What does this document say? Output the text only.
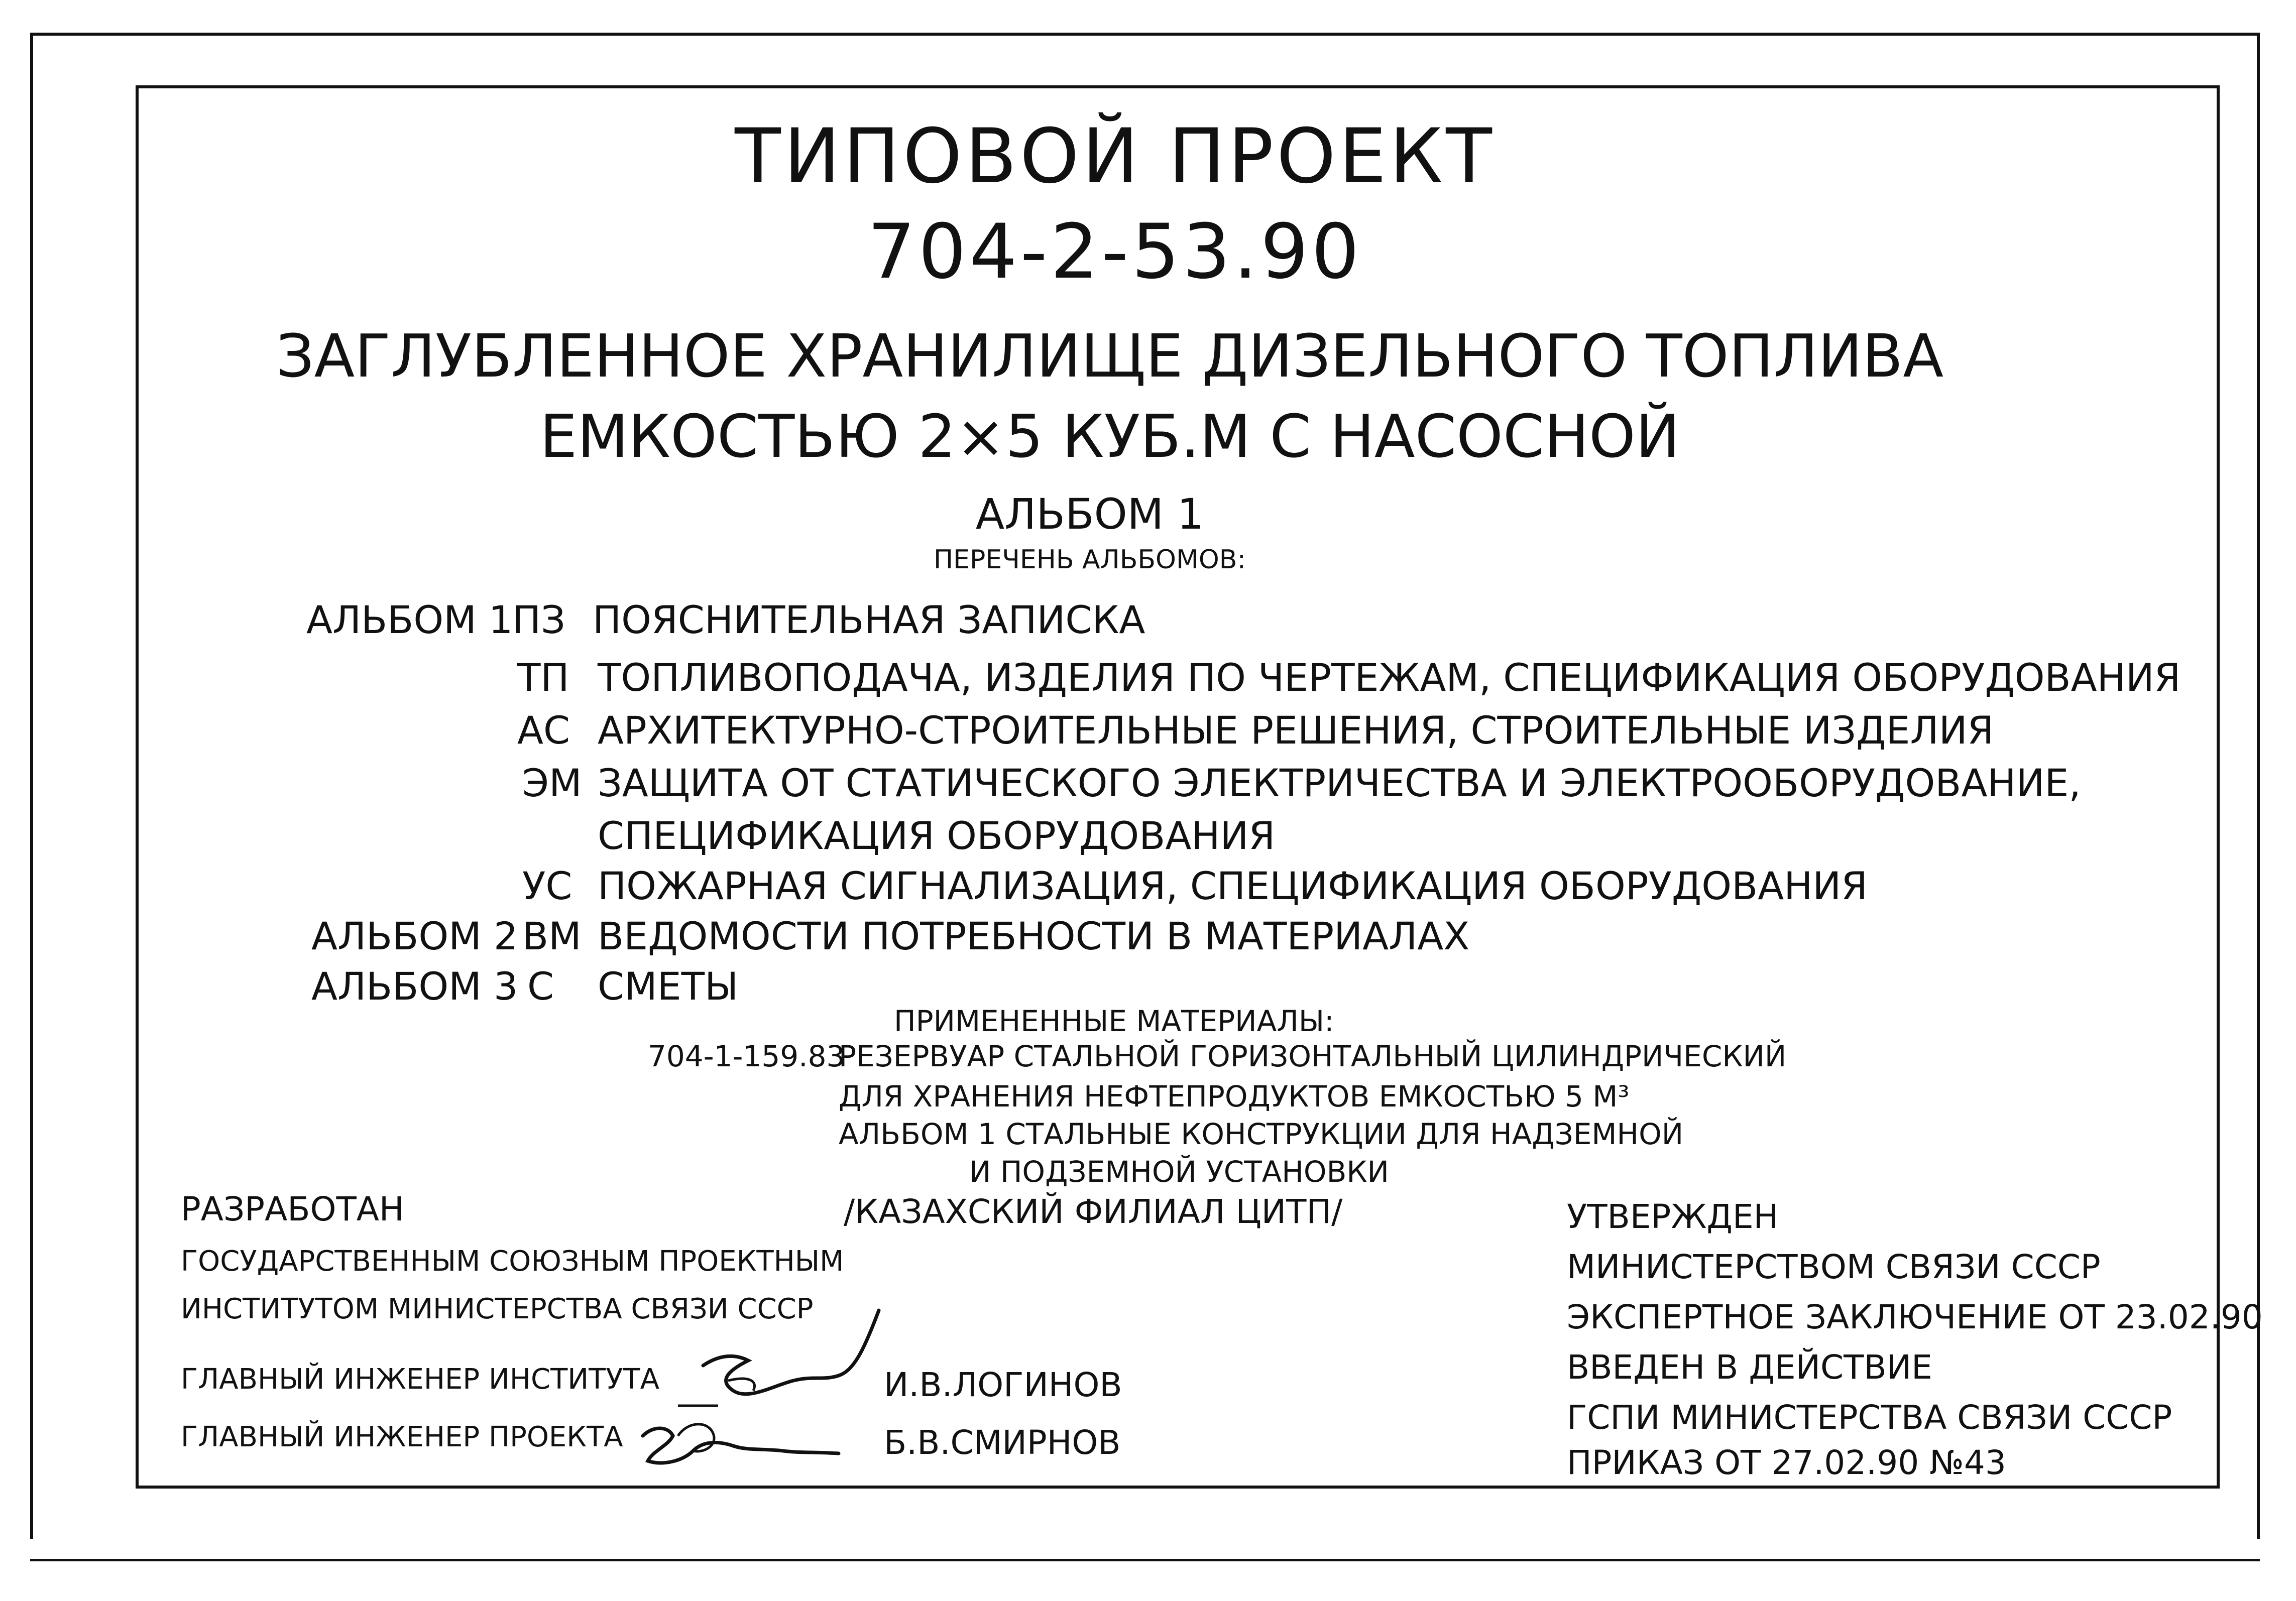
ТИПОВОЙ ПРОЕКТ
704-2-53.90
ЗАГЛУБЛЕННОЕ ХРАНИЛИЩЕ ДИЗЕЛЬНОГО ТОПЛИВА
ЕМКОСТЬЮ 2×5 КУБ.М С НАСОСНОЙ
АЛЬБОМ 1
ПЕРЕЧЕНЬ АЛЬБОМОВ:
АЛЬБОМ 1
ПЗ ПОЯСНИТЕЛЬНАЯ ЗАПИСКА
ТП ТОПЛИВОПОДАЧА, ИЗДЕЛИЯ ПО ЧЕРТЕЖАМ, СПЕЦИФИКАЦИЯ ОБОРУДОВАНИЯ
АС АРХИТЕКТУРНО-СТРОИТЕЛЬНЫЕ РЕШЕНИЯ, СТРОИТЕЛЬНЫЕ ИЗДЕЛИЯ
ЭМ ЗАЩИТА ОТ СТАТИЧЕСКОГО ЭЛЕКТРИЧЕСТВА И ЭЛЕКТРООБОРУДОВАНИЕ,
СПЕЦИФИКАЦИЯ ОБОРУДОВАНИЯ
УС ПОЖАРНАЯ СИГНАЛИЗАЦИЯ, СПЕЦИФИКАЦИЯ ОБОРУДОВАНИЯ
АЛЬБОМ 2 ВМ ВЕДОМОСТИ ПОТРЕБНОСТИ В МАТЕРИАЛАХ
АЛЬБОМ 3 С СМЕТЫ
ПРИМЕНЕННЫЕ МАТЕРИАЛЫ:
704-1-159.83
РЕЗЕРВУАР СТАЛЬНОЙ ГОРИЗОНТАЛЬНЫЙ ЦИЛИНДРИЧЕСКИЙ
ДЛЯ ХРАНЕНИЯ НЕФТЕПРОДУКТОВ ЕМКОСТЬЮ 5 М³
АЛЬБОМ 1 СТАЛЬНЫЕ КОНСТРУКЦИИ ДЛЯ НАДЗЕМНОЙ
И ПОДЗЕМНОЙ УСТАНОВКИ
/КАЗАХСКИЙ ФИЛИАЛ ЦИТП/
РАЗРАБОТАН
ГОСУДАРСТВЕННЫМ СОЮЗНЫМ ПРОЕКТНЫМ
ИНСТИТУТОМ МИНИСТЕРСТВА СВЯЗИ СССР
ГЛАВНЫЙ ИНЖЕНЕР ИНСТИТУТА
ГЛАВНЫЙ ИНЖЕНЕР ПРОЕКТА
И.В.ЛОГИНОВ
Б.В.СМИРНОВ
УТВЕРЖДЕН
МИНИСТЕРСТВОМ СВЯЗИ СССР
ЭКСПЕРТНОЕ ЗАКЛЮЧЕНИЕ ОТ 23.02.90
ВВЕДЕН В ДЕЙСТВИЕ
ГСПИ МИНИСТЕРСТВА СВЯЗИ СССР
ПРИКАЗ ОТ 27.02.90 №43
